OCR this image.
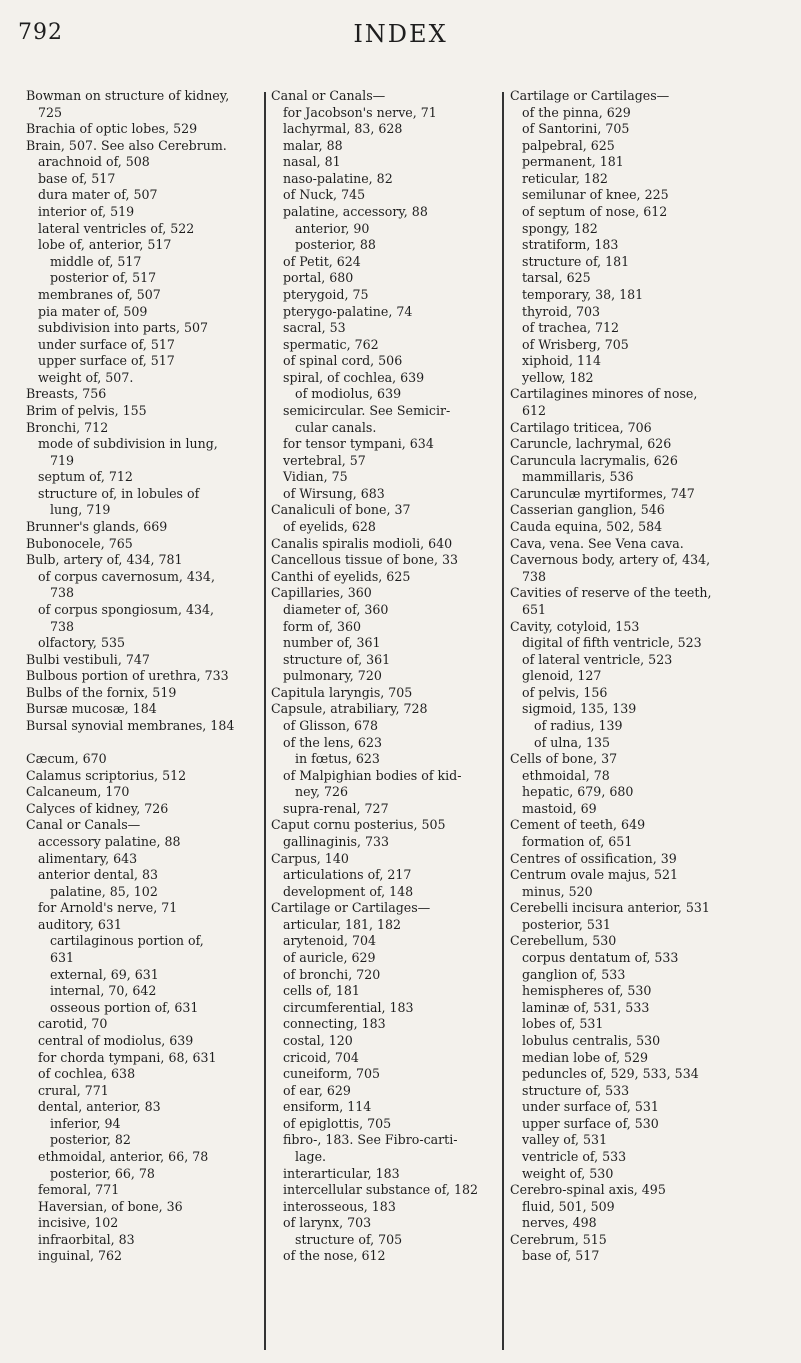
792	INDEX
Bowman on structure of kidney,
725
Brachia of optic lobes, 529
Brain, 507. See also Cerebrum.
arachnoid of, 508
base of, 517
dura mater of, 507
interior of, 519
lateral ventricles of, 522
lobe of, anterior, 517
middle of, 517
posterior of, 517
membranes of, 507
pia mater of, 509
subdivision into parts, 507
under surface of, 517
upper surface of, 517
weight of, 507.
Breasts, 756
Brim of pelvis, 155
Bronchi, 712
mode of subdivision in lung,
719
septum of, 712
structure of, in lobules of
lung, 719
Brunner's glands, 669
Bubonocele, 765
Bulb, artery of, 434, 781
of corpus cavernosum, 434,
738
of corpus spongiosum, 434,
738
olfactory, 535
Bulbi vestibuli, 747
Bulbous portion of urethra, 733
Bulbs of the fornix, 519
Bursæ mucosæ, 184
Bursal synovial membranes, 184
Cæcum, 670
Calamus scriptorius, 512
Calcaneum, 170
Calyces of kidney, 726
Canal or Canals—
accessory palatine, 88
alimentary, 643
anterior dental, 83
palatine, 85, 102
for Arnold's nerve, 71
auditory, 631
cartilaginous portion of,
631
external, 69, 631
internal, 70, 642
osseous portion of, 631
carotid, 70
central of modiolus, 639
for chorda tympani, 68, 631
of cochlea, 638
crural, 771
dental, anterior, 83
inferior, 94
posterior, 82
ethmoidal, anterior, 66, 78
posterior, 66, 78
femoral, 771
Haversian, of bone, 36
incisive, 102
infraorbital, 83
inguinal, 762
Canal or Canals—
for Jacobson's nerve, 71
lachyrmal, 83, 628
malar, 88
nasal, 81
naso-palatine, 82
of Nuck, 745
palatine, accessory, 88
anterior, 90
posterior, 88
of Petit, 624
portal, 680
pterygoid, 75
pterygo-palatine, 74
sacral, 53
spermatic, 762
of spinal cord, 506
spiral, of cochlea, 639
of modiolus, 639
semicircular. See Semicir-
cular canals.
for tensor tympani, 634
vertebral, 57
Vidian, 75
of Wirsung, 683
Canaliculi of bone, 37
of eyelids, 628
Canalis spiralis modioli, 640
Cancellous tissue of bone, 33
Canthi of eyelids, 625
Capillaries, 360
diameter of, 360
form of, 360
number of, 361
structure of, 361
pulmonary, 720
Capitula laryngis, 705
Capsule, atrabiliary, 728
of Glisson, 678
of the lens, 623
in fœtus, 623
of Malpighian bodies of kid-
ney, 726
supra-renal, 727
Caput cornu posterius, 505
gallinaginis, 733
Carpus, 140
articulations of, 217
development of, 148
Cartilage or Cartilages—
articular, 181, 182
arytenoid, 704
of auricle, 629
of bronchi, 720
cells of, 181
circumferential, 183
connecting, 183
costal, 120
cricoid, 704
cuneiform, 705
of ear, 629
ensiform, 114
of epiglottis, 705
fibro-, 183. See Fibro-carti-
lage.
interarticular, 183
intercellular substance of, 182
interosseous, 183
of larynx, 703
structure of, 705
of the nose, 612
Cartilage or Cartilages—
of the pinna, 629
of Santorini, 705
palpebral, 625
permanent, 181
reticular, 182
semilunar of knee, 225
of septum of nose, 612
spongy, 182
stratiform, 183
structure of, 181
tarsal, 625
temporary, 38, 181
thyroid, 703
of trachea, 712
of Wrisberg, 705
xiphoid, 114
yellow, 182
Cartilagines minores of nose,
612
Cartilago triticea, 706
Caruncle, lachrymal, 626
Caruncula lacrymalis, 626
mammillaris, 536
Carunculæ myrtiformes, 747
Casserian ganglion, 546
Cauda equina, 502, 584
Cava, vena. See Vena cava.
Cavernous body, artery of, 434,
738
Cavities of reserve of the teeth,
651
Cavity, cotyloid, 153
digital of fifth ventricle, 523
of lateral ventricle, 523
glenoid, 127
of pelvis, 156
sigmoid, 135, 139
of radius, 139
of ulna, 135
Cells of bone, 37
ethmoidal, 78
hepatic, 679, 680
mastoid, 69
Cement of teeth, 649
formation of, 651
Centres of ossification, 39
Centrum ovale majus, 521
minus, 520
Cerebelli incisura anterior, 531
posterior, 531
Cerebellum, 530
corpus dentatum of, 533
ganglion of, 533
hemispheres of, 530
laminæ of, 531, 533
lobes of, 531
lobulus centralis, 530
median lobe of, 529
peduncles of, 529, 533, 534
structure of, 533
under surface of, 531
upper surface of, 530
valley of, 531
ventricle of, 533
weight of, 530
Cerebro-spinal axis, 495
fluid, 501, 509
nerves, 498
Cerebrum, 515
base of, 517
